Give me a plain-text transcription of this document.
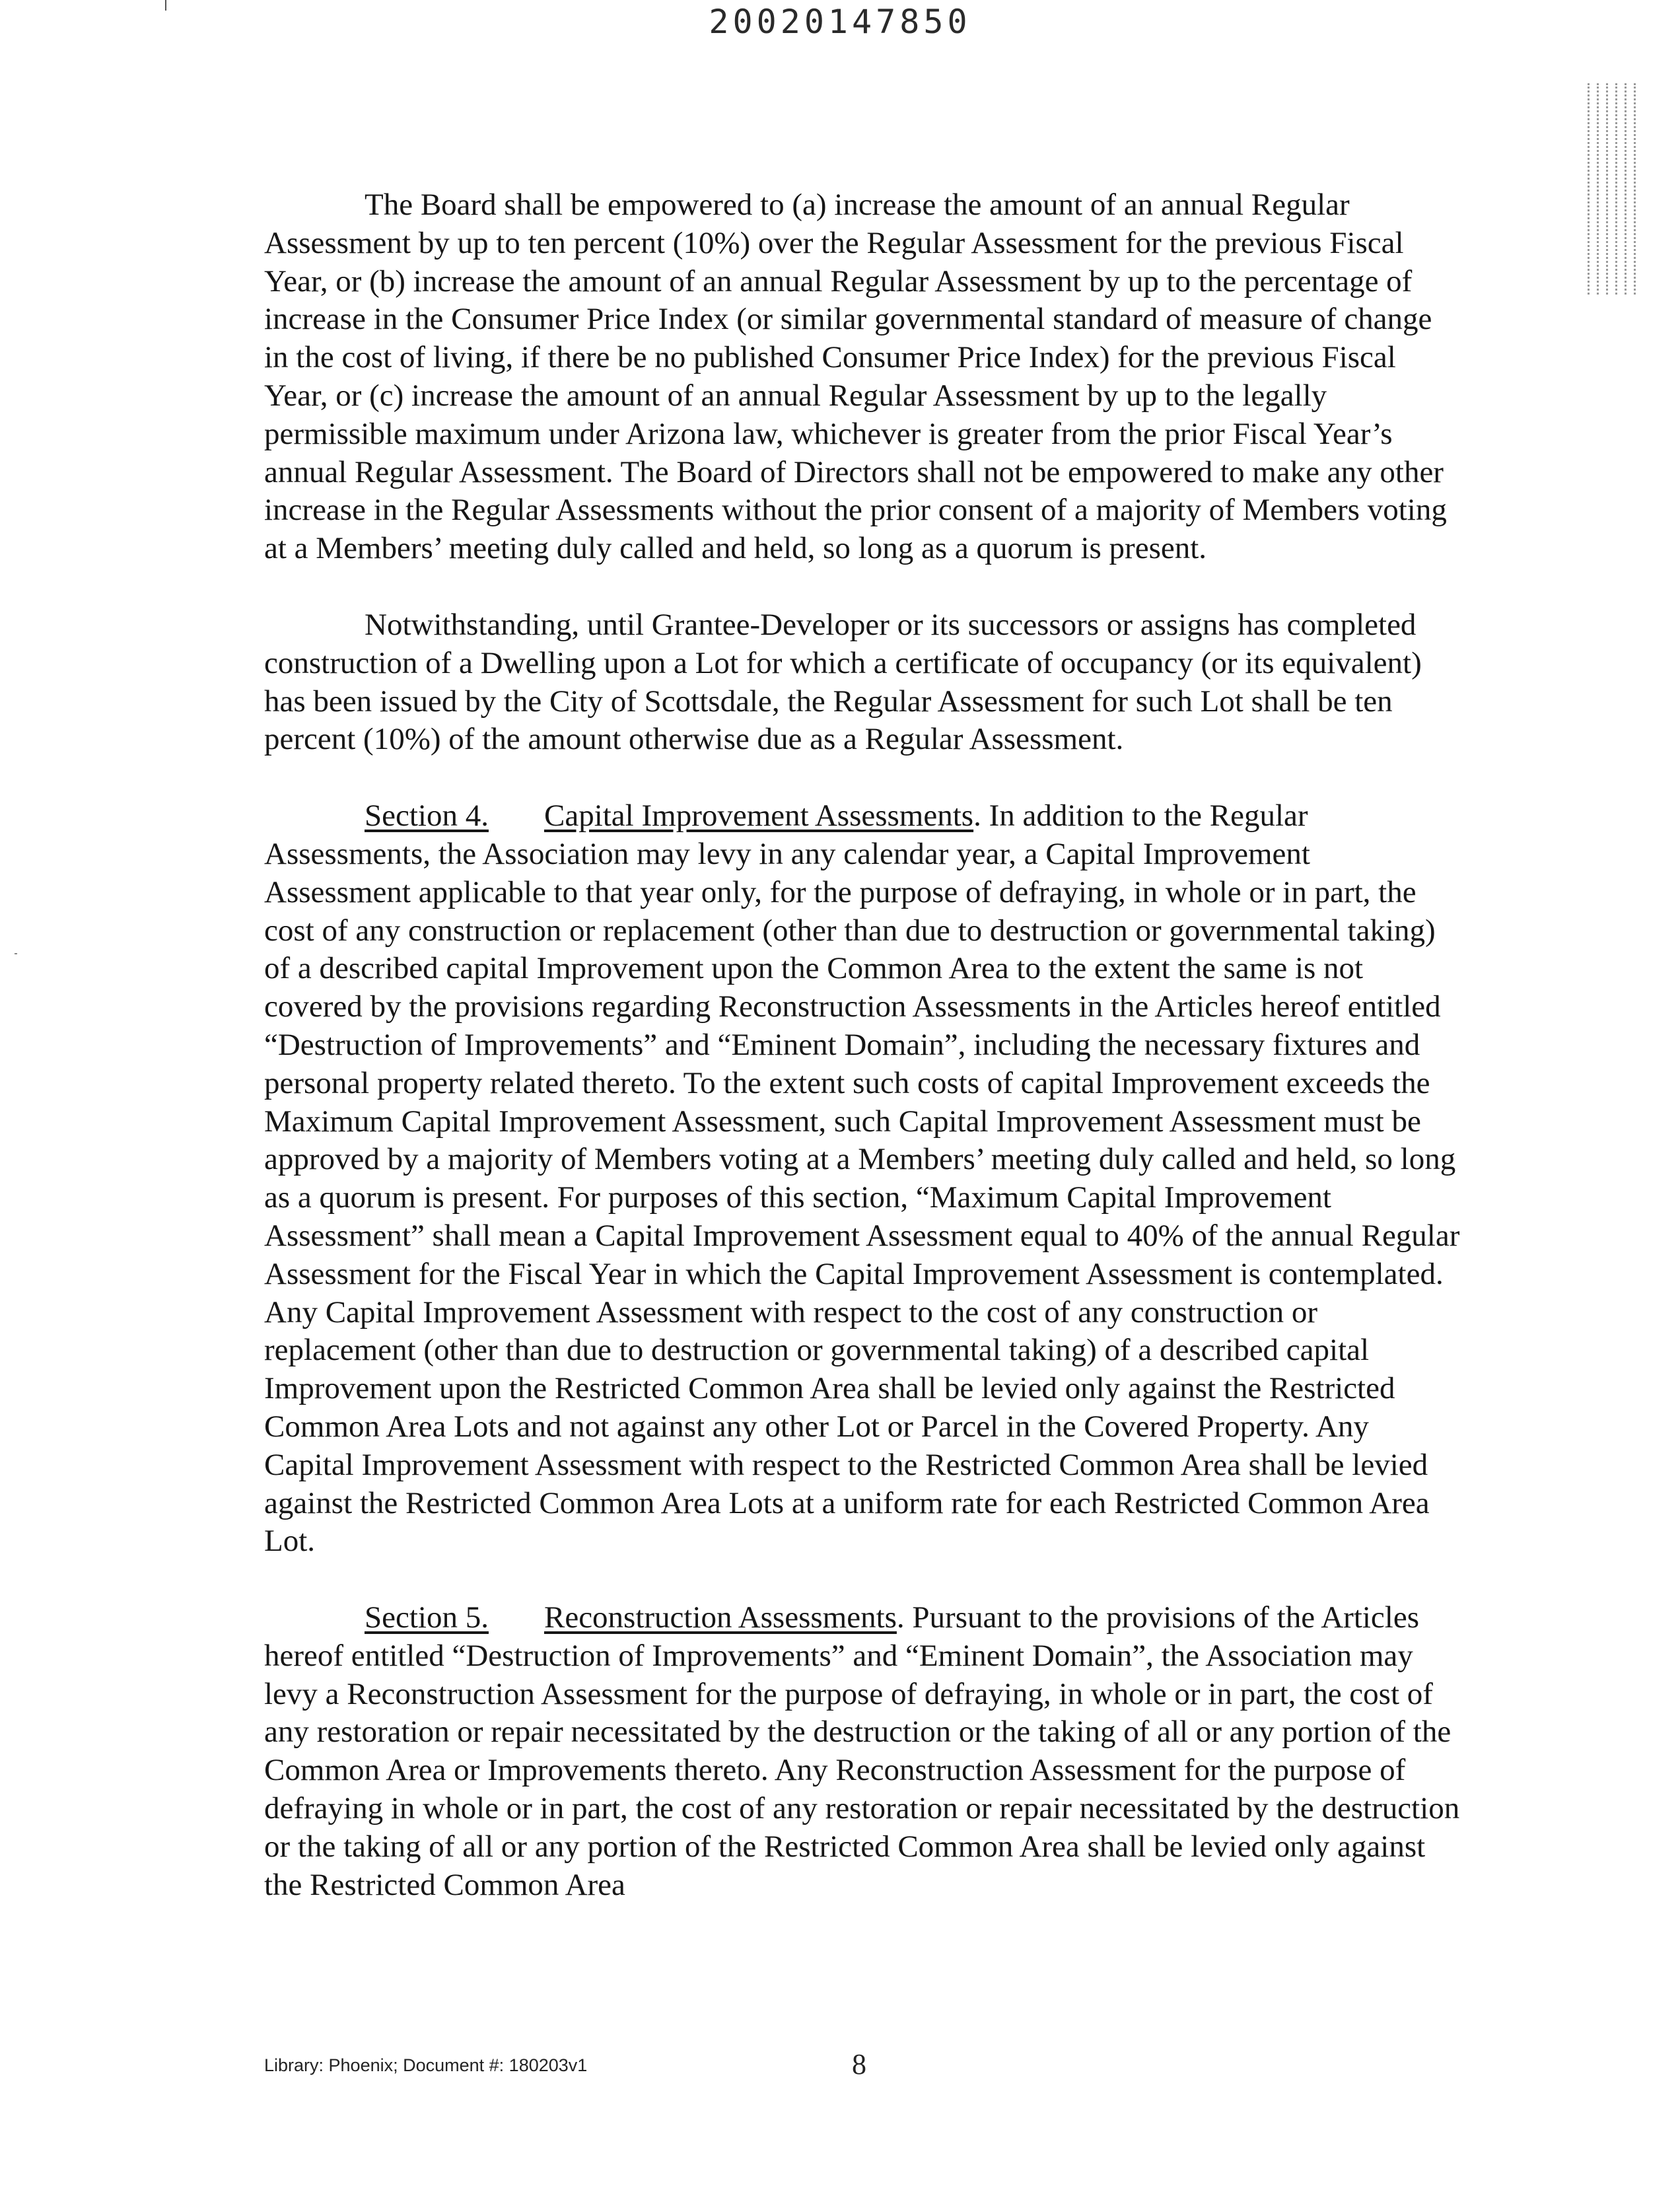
20020147850

The Board shall be empowered to (a) increase the amount of an annual Regular Assessment by up to ten percent (10%) over the Regular Assessment for the previous Fiscal Year, or (b) increase the amount of an annual Regular Assessment by up to the percentage of increase in the Consumer Price Index (or similar governmental standard of measure of change in the cost of living, if there be no published Consumer Price Index) for the previous Fiscal Year, or (c) increase the amount of an annual Regular Assessment by up to the legally permissible maximum under Arizona law, whichever is greater from the prior Fiscal Year’s annual Regular Assessment. The Board of Directors shall not be empowered to make any other increase in the Regular Assessments without the prior consent of a majority of Members voting at a Members’ meeting duly called and held, so long as a quorum is present.

Notwithstanding, until Grantee-Developer or its successors or assigns has completed construction of a Dwelling upon a Lot for which a certificate of occupancy (or its equivalent) has been issued by the City of Scottsdale, the Regular Assessment for such Lot shall be ten percent (10%) of the amount otherwise due as a Regular Assessment.

Section 4. Capital Improvement Assessments. In addition to the Regular Assessments, the Association may levy in any calendar year, a Capital Improvement Assessment applicable to that year only, for the purpose of defraying, in whole or in part, the cost of any construction or replacement (other than due to destruction or governmental taking) of a described capital Improvement upon the Common Area to the extent the same is not covered by the provisions regarding Reconstruction Assessments in the Articles hereof entitled “Destruction of Improvements” and “Eminent Domain”, including the necessary fixtures and personal property related thereto. To the extent such costs of capital Improvement exceeds the Maximum Capital Improvement Assessment, such Capital Improvement Assessment must be approved by a majority of Members voting at a Members’ meeting duly called and held, so long as a quorum is present. For purposes of this section, “Maximum Capital Improvement Assessment” shall mean a Capital Improvement Assessment equal to 40% of the annual Regular Assessment for the Fiscal Year in which the Capital Improvement Assessment is contemplated. Any Capital Improvement Assessment with respect to the cost of any construction or replacement (other than due to destruction or governmental taking) of a described capital Improvement upon the Restricted Common Area shall be levied only against the Restricted Common Area Lots and not against any other Lot or Parcel in the Covered Property. Any Capital Improvement Assessment with respect to the Restricted Common Area shall be levied against the Restricted Common Area Lots at a uniform rate for each Restricted Common Area Lot.

Section 5. Reconstruction Assessments. Pursuant to the provisions of the Articles hereof entitled “Destruction of Improvements” and “Eminent Domain”, the Association may levy a Reconstruction Assessment for the purpose of defraying, in whole or in part, the cost of any restoration or repair necessitated by the destruction or the taking of all or any portion of the Common Area or Improvements thereto. Any Reconstruction Assessment for the purpose of defraying in whole or in part, the cost of any restoration or repair necessitated by the destruction or the taking of all or any portion of the Restricted Common Area shall be levied only against the Restricted Common Area

Library: Phoenix; Document #: 180203v1	8
